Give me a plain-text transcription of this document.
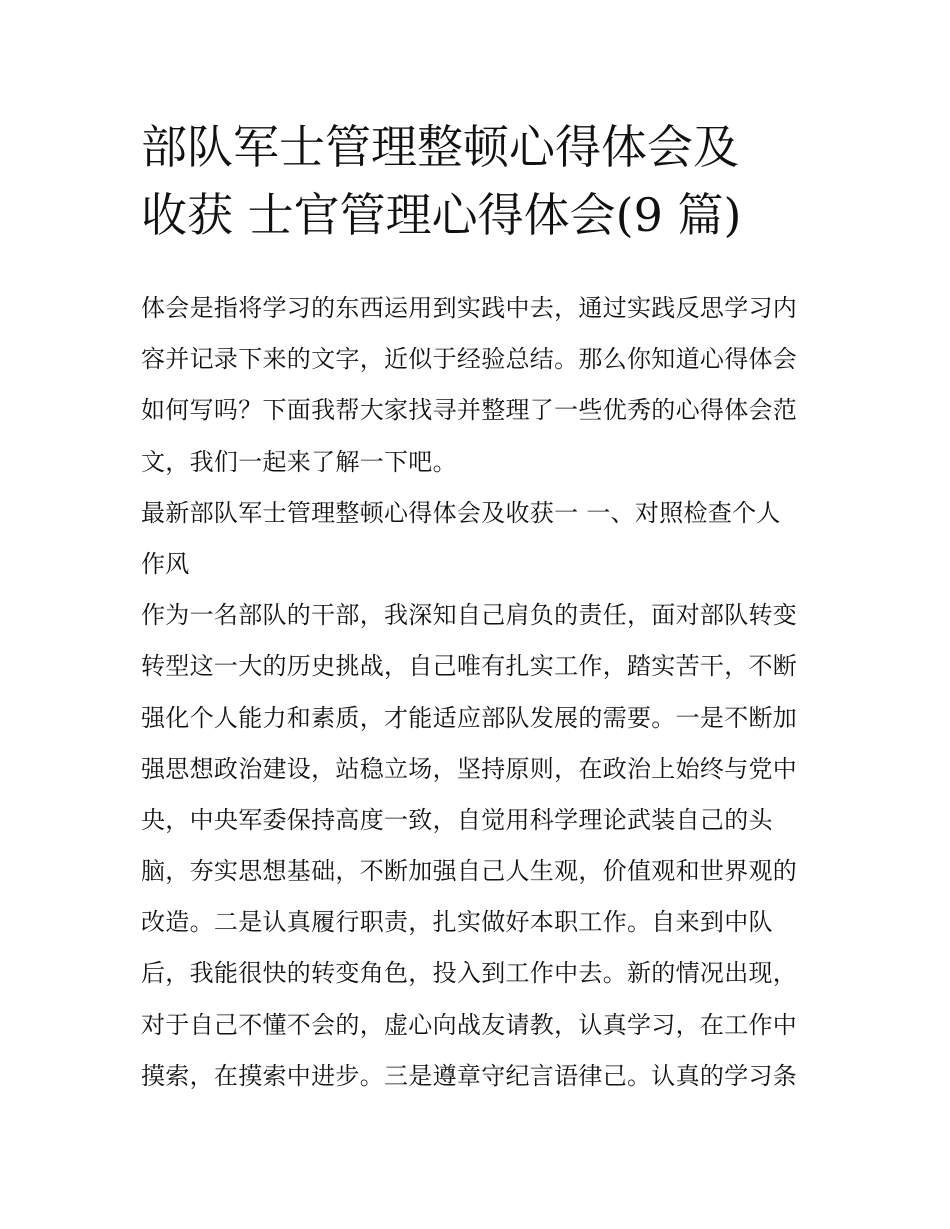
部队军士管理整顿心得体会及
收获 士官管理心得体会(9 篇)
体会是指将学习的东西运用到实践中去，通过实践反思学习内
容并记录下来的文字，近似于经验总结。那么你知道心得体会
如何写吗？下面我帮大家找寻并整理了一些优秀的心得体会范
文，我们一起来了解一下吧。
最新部队军士管理整顿心得体会及收获一 一、对照检查个人
作风
作为一名部队的干部，我深知自己肩负的责任，面对部队转变
转型这一大的历史挑战，自己唯有扎实工作，踏实苦干，不断
强化个人能力和素质，才能适应部队发展的需要。一是不断加
强思想政治建设，站稳立场，坚持原则，在政治上始终与党中
央，中央军委保持高度一致，自觉用科学理论武装自己的头
脑，夯实思想基础，不断加强自己人生观，价值观和世界观的
改造。二是认真履行职责，扎实做好本职工作。自来到中队
后，我能很快的转变角色，投入到工作中去。新的情况出现，
对于自己不懂不会的，虚心向战友请教，认真学习，在工作中
摸索，在摸索中进步。三是遵章守纪言语律己。认真的学习条
